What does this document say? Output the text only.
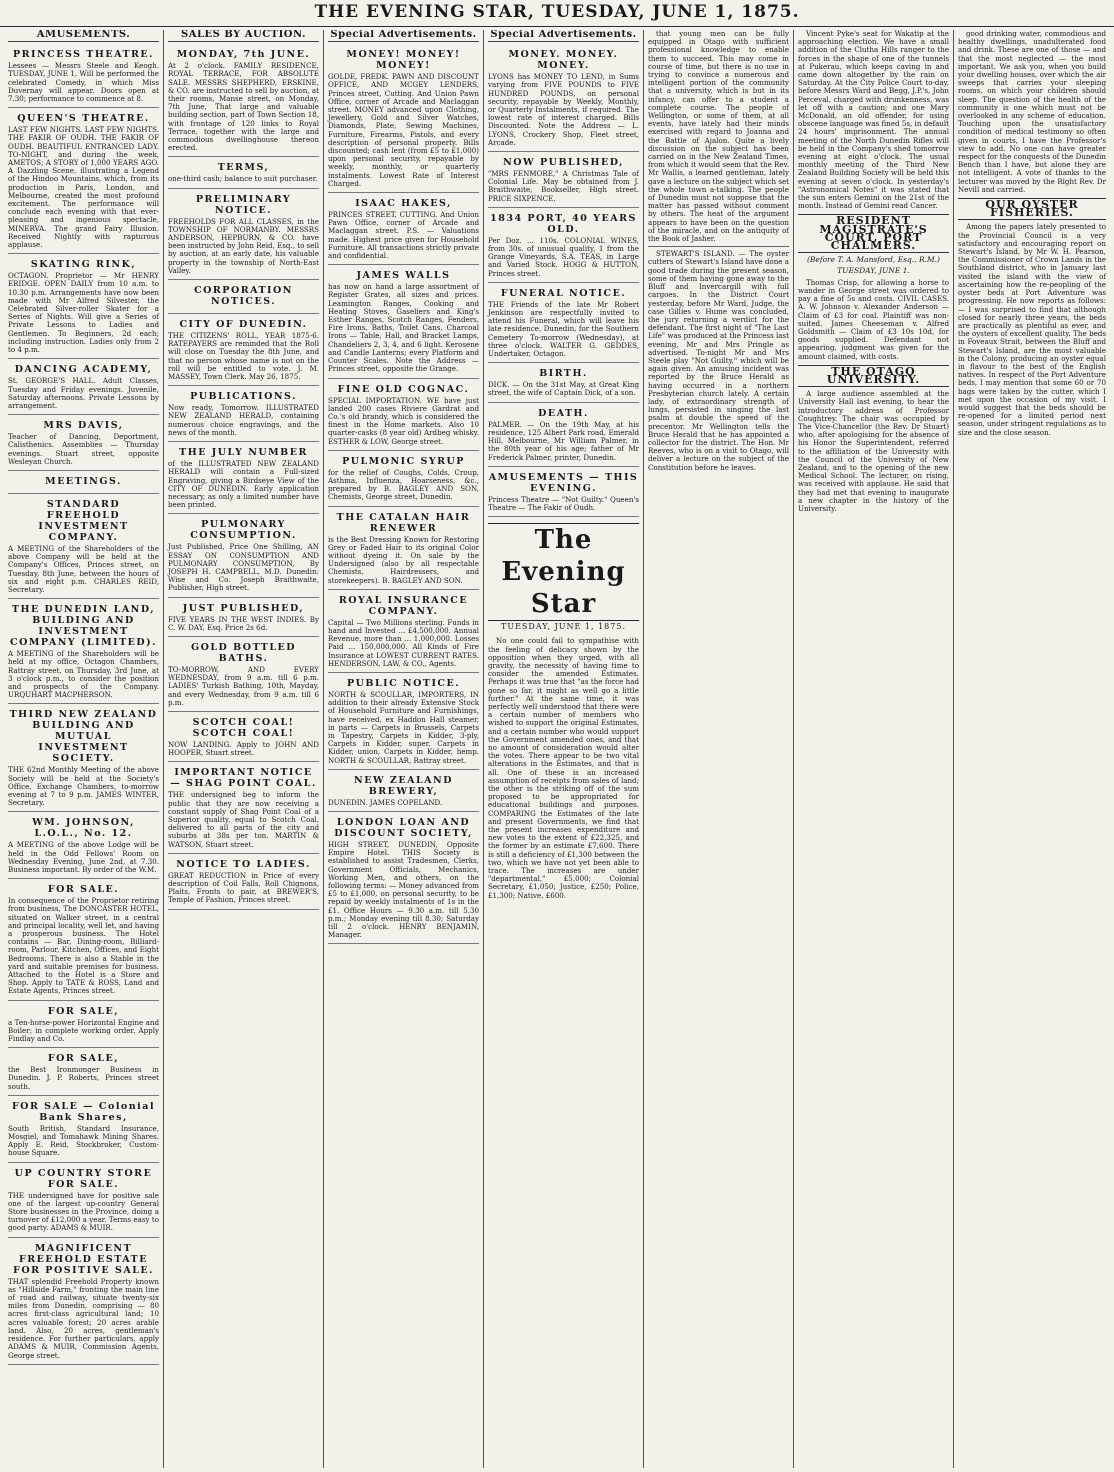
THE EVENING STAR, TUESDAY, JUNE 1, 1875.
AMUSEMENTS.
PRINCESS THEATRE.
Lessees — Messrs Steele and Keogh. TUESDAY, JUNE 1, Will be performed the celebrated Comedy, in which Miss Duvernay will appear. Doors open at 7.30; performance to commence at 8.
QUEEN'S THEATRE.
LAST FEW NIGHTS. LAST FEW NIGHTS. THE FAKIR OF OUDH. THE FAKIR OF OUDH. BEAUTIFUL ENTRANCED LADY. TO-NIGHT, and during the week, AMETOS; A STORY of 1,000 YEARS AGO. A Dazzling Scene, illustrating a Legend of the Hindoo Mountains, which, from its production in Paris, London, and Melbourne, created the most profound excitement. The performance will conclude each evening with that ever-pleasing and ingenious spectacle, MINERVA. The grand Fairy Illusion. Received Nightly with rapturous applause.
SKATING RINK,
OCTAGON. Proprietor — Mr HENRY ERIDGE. OPEN DAILY from 10 a.m. to 10.30 p.m. Arrangements have now been made with Mr Alfred Silvester, the Celebrated Silver-roller Skater for a Series of Nights. Will give a Series of Private Lessons to Ladies and Gentlemen. To Beginners, 2d each; including instruction. Ladies only from 2 to 4 p.m.
DANCING ACADEMY,
St. GEORGE'S HALL. Adult Classes, Tuesday and Friday evenings. Juvenile, Saturday afternoons. Private Lessons by arrangement.
MRS DAVIS,
Teacher of Dancing, Deportment, Calisthenics. Assemblies — Thursday evenings. Stuart street, opposite Wesleyan Church.
MEETINGS.
STANDARD FREEHOLD INVESTMENT COMPANY.
A MEETING of the Shareholders of the above Company will be held at the Company's Offices, Princes street, on Tuesday, 8th June, between the hours of six and eight p.m. CHARLES REID, Secretary.
THE DUNEDIN LAND, BUILDING AND INVESTMENT COMPANY (LIMITED).
A MEETING of the Shareholders will be held at my office, Octagon Chambers, Rattray street, on Thursday, 3rd June, at 3 o'clock p.m., to consider the position and prospects of the Company. URQUHART MACPHERSON.
THIRD NEW ZEALAND BUILDING AND MUTUAL INVESTMENT SOCIETY.
THE 62nd Monthly Meeting of the above Society will be held at the Society's Office, Exchange Chambers, to-morrow evening at 7 to 9 p.m. JAMES WINTER, Secretary.
WM. JOHNSON, L.O.L., No. 12.
A MEETING of the above Lodge will be held in the Odd Fellows' Room on Wednesday Evening, June 2nd, at 7.30. Business important. By order of the W.M.
FOR SALE.
In consequence of the Proprietor retiring from business, The DONCASTER HOTEL, situated on Walker street, in a central and principal locality, well let, and having a prosperous business. The Hotel contains — Bar, Dining-room, Billiard-room, Parlour, Kitchen, Offices, and Eight Bedrooms. There is also a Stable in the yard and suitable premises for business. Attached to the Hotel is a Store and Shop. Apply to TATE & ROSS, Land and Estate Agents, Princes street.
FOR SALE,
a Ten-horse-power Horizontal Engine and Boiler; in complete working order. Apply Findlay and Co.
FOR SALE,
the Best Ironmonger Business in Dunedin. J. P. Roberts, Princes street south.
FOR SALE — Colonial Bank Shares,
South British, Standard Insurance, Mosgiel, and Tomahawk Mining Shares. Apply E. Reid, Stockbroker, Custom-house Square.
UP COUNTRY STORE FOR SALE.
THE undersigned have for positive sale one of the largest up-country General Store businesses in the Province, doing a turnover of £12,000 a year. Terms easy to good party. ADAMS & MUIR.
MAGNIFICENT FREEHOLD ESTATE FOR POSITIVE SALE.
THAT splendid Freehold Property known as "Hillside Farm," fronting the main line of road and railway, situate twenty-six miles from Dunedin, comprising — 80 acres first-class agricultural land; 10 acres valuable forest; 20 acres arable land. Also, 20 acres, gentleman's residence. For further particulars, apply ADAMS & MUIR, Commission Agents, George street.
SALES BY AUCTION.
MONDAY, 7th JUNE.
At 2 o'clock. FAMILY RESIDENCE, ROYAL TERRACE, FOR ABSOLUTE SALE. MESSRS SHEPHERD, ERSKINE, & CO. are instructed to sell by auction, at their rooms, Manse street, on Monday, 7th June, That large and valuable building section, part of Town Section 18, with frontage of 120 links to Royal Terrace, together with the large and commodious dwellinghouse thereon erected.
TERMS,
one-third cash; balance to suit purchaser.
PRELIMINARY NOTICE.
FREEHOLDS FOR ALL CLASSES, in the TOWNSHIP OF NORMANBY. MESSRS ANDERSON, HEPBURN, & CO. have been instructed by John Reid, Esq., to sell by auction, at an early date, his valuable property in the township of North-East Valley.
CORPORATION NOTICES.
CITY OF DUNEDIN.
THE CITIZENS' ROLL, YEAR 1875-6. RATEPAYERS are reminded that the Roll will close on Tuesday the 8th June, and that no person whose name is not on the roll will be entitled to vote. J. M. MASSEY, Town Clerk. May 26, 1875.
PUBLICATIONS.
Now ready, Tomorrow. ILLUSTRATED NEW ZEALAND HERALD, containing numerous choice engravings, and the news of the month.
THE JULY NUMBER
of the ILLUSTRATED NEW ZEALAND HERALD will contain a Full-sized Engraving, giving a Birdseye View of the CITY OF DUNEDIN. Early application necessary, as only a limited number have been printed.
PULMONARY CONSUMPTION.
Just Published, Price One Shilling, AN ESSAY ON CONSUMPTION AND PULMONARY CONSUMPTION, By JOSEPH H. CAMPBELL, M.D. Dunedin: Wise and Co. Joseph Braithwaite, Publisher, High street.
JUST PUBLISHED,
FIVE YEARS IN THE WEST INDIES. By C. W. DAY, Esq. Price 2s 6d.
GOLD BOTTLED BATHS.
TO-MORROW, AND EVERY WEDNESDAY, from 9 a.m. till 6 p.m. LADIES' Turkish Bathing, 10th, Mayday, and every Wednesday, from 9 a.m. till 6 p.m.
SCOTCH COAL! SCOTCH COAL!
NOW LANDING. Apply to JOHN AND HOOPER, Stuart street.
IMPORTANT NOTICE — SHAG POINT COAL.
THE undersigned beg to inform the public that they are now receiving a constant supply of Shag Point Coal of a Superior quality, equal to Scotch Coal, delivered to all parts of the city and suburbs at 38s per ton. MARTIN & WATSON, Stuart street.
NOTICE TO LADIES.
GREAT REDUCTION in Price of every description of Coil Falls, Roll Chignons, Plaits, Fronts to pair, at BREWER'S, Temple of Fashion, Princes street.
Special Advertisements.
MONEY! MONEY! MONEY!
GOLDE, FREDK. PAWN AND DISCOUNT OFFICE, AND MCGEY LENDERS, Princes street, Cutting. And Union Pawn Office, corner of Arcade and Maclaggan street. MONEY advanced upon Clothing, Jewellery, Gold and Silver Watches, Diamonds, Plate, Sewing Machines, Furniture, Firearms, Pistols, and every description of personal property. Bills discounted; cash lent (from £5 to £1,000) upon personal security, repayable by weekly, monthly, or quarterly instalments. Lowest Rate of Interest Charged.
ISAAC HAKES,
PRINCES STREET, CUTTING. And Union Pawn Office, corner of Arcade and Maclaggan street. P.S. — Valuations made. Highest price given for Household Furniture. All transactions strictly private and confidential.
JAMES WALLS
has now on hand a large assortment of Register Grates, all sizes and prices. Leamington Ranges, Cooking and Heating Stoves, Gaseliers and King's Esther Ranges, Scotch Ranges, Fenders, Fire Irons, Baths, Toilet Cans, Charcoal Irons — Table, Hall, and Bracket Lamps, Chandeliers 2, 3, 4, and 6 light. Kerosene and Candle Lanterns; every Platform and Counter Scales. Note the Address — Princes street, opposite the Grange.
FINE OLD COGNAC.
SPECIAL IMPORTATION. WE have just landed 200 cases Riviere Gardrat and Co.'s old brandy, which is considered the finest in the Home markets. Also 10 quarter-casks (8 year old) Ardbeg whisky. ESTHER & LOW, George street.
PULMONIC SYRUP
for the relief of Coughs, Colds, Croup, Asthma, Influenza, Hoarseness, &c., prepared by B. BAGLEY AND SON, Chemists, George street, Dunedin.
THE CATALAN HAIR RENEWER
is the Best Dressing Known for Restoring Grey or Faded Hair to its original Color without dyeing it. On sale by the Undersigned (also by all respectable Chemists, Hairdressers, and storekeepers). B. BAGLEY AND SON.
ROYAL INSURANCE COMPANY.
Capital — Two Millions sterling. Funds in hand and Invested ... £4,500,000. Annual Revenue, more than ... 1,000,000. Losses Paid ... 150,000,000. All Kinds of Fire Insurance at LOWEST CURRENT RATES. HENDERSON, LAW, & CO., Agents.
PUBLIC NOTICE.
NORTH & SCOULLAR, IMPORTERS, IN addition to their already Extensive Stock of Household Furniture and Furnishings, have received, ex Haddon Hall steamer, in parts — Carpets in Brussels, Carpets in Tapestry, Carpets in Kidder, 3-ply, Carpets in Kidder, super, Carpets in Kidder, union, Carpets in Kidder, hemp. NORTH & SCOULLAR, Rattray street.
NEW ZEALAND BREWERY,
DUNEDIN. JAMES COPELAND.
LONDON LOAN AND DISCOUNT SOCIETY,
HIGH STREET, DUNEDIN, Opposite Empire Hotel. THIS Society is established to assist Tradesmen, Clerks, Government Officials, Mechanics, Working Men, and others, on the following terms: — Money advanced from £5 to £1,000, on personal security, to be repaid by weekly instalments of 1s in the £1. Office Hours — 9.30 a.m. till 5.30 p.m.; Monday evening till 8.30; Saturday till 2 o'clock. HENRY BENJAMIN, Manager.
Special Advertisements.
MONEY. MONEY. MONEY.
LYONS has MONEY TO LEND, in Sums varying from FIVE POUNDS to FIVE HUNDRED POUNDS, on personal security, repayable by Weekly, Monthly, or Quarterly Instalments, if required. The lowest rate of interest charged. Bills Discounted. Note the Address — L. LYONS, Crockery Shop, Fleet street, Arcade.
NOW PUBLISHED,
"MRS FENMORE," A Christmas Tale of Colonial Life. May be obtained from J. Braithwaite, Bookseller, High street. PRICE SIXPENCE.
1834 PORT, 40 YEARS OLD.
Per Doz. ... 110s. COLONIAL WINES, from 30s. of unusual quality, 1 from the Grange Vineyards, S.A. TEAS, in Large and Varied Stock. HOGG & HUTTON, Princes street.
FUNERAL NOTICE.
THE Friends of the late Mr Robert Jenkinson are respectfully invited to attend his Funeral, which will leave his late residence, Dunedin, for the Southern Cemetery To-morrow (Wednesday), at three o'clock. WALTER G. GEDDES, Undertaker, Octagon.
BIRTH.
DICK. — On the 31st May, at Great King street, the wife of Captain Dick, of a son.
DEATH.
PALMER. — On the 19th May, at his residence, 125 Albert Park road, Emerald Hill, Melbourne, Mr William Palmer, in the 80th year of his age; father of Mr Frederick Palmer, printer, Dunedin.
AMUSEMENTS — THIS EVENING.
Princess Theatre — "Not Guilty." Queen's Theatre — The Fakir of Oudh.
The Evening Star
TUESDAY, JUNE 1, 1875.
No one could fail to sympathise with the feeling of delicacy shown by the opposition when they urged, with all gravity, the necessity of having time to consider the amended Estimates. Perhaps it was true that "as the force had gone so far, it might as well go a little further." At the same time, it was perfectly well understood that there were a certain number of members who wished to support the original Estimates, and a certain number who would support the Government amended ones, and that no amount of consideration would alter the votes. There appear to be two vital alterations in the Estimates, and that is all. One of these is an increased assumption of receipts from sales of land; the other is the striking off of the sum proposed to be appropriated for educational buildings and purposes. COMPARING the Estimates of the late and present Governments, we find that the present increases expenditure and new votes to the extent of £22,325, and the former by an estimate £7,600. There is still a deficiency of £1,300 between the two, which we have not yet been able to trace. The increases are under "departmental," £5,000; Colonial Secretary, £1,050; Justice, £250; Police, £1,300; Native, £600.
that young men can be fully equipped in Otago with sufficient professional knowledge to enable them to succeed. This may come in course of time, but there is no use in trying to convince a numerous and intelligent portion of the community that a university, which is but in its infancy, can offer to a student a complete course. The people of Wellington, or some of them, at all events, have lately had their minds exercised with regard to Joanna and the Battle of Ajalon. Quite a lively discussion on the subject has been carried on in the New Zealand Times, from which it would seem that the Rev. Mr Wallis, a learned gentleman, lately gave a lecture on the subject which set the whole town a-talking. The people of Dunedin must not suppose that the matter has passed without comment by others. The heat of the argument appears to have been on the question of the miracle, and on the antiquity of the Book of Jasher.
STEWART'S ISLAND. — The oyster cutters of Stewart's Island have done a good trade during the present season, some of them having gone away to the Bluff and Invercargill with full cargoes. In the District Court yesterday, before Mr Ward, Judge, the case Gillies v. Hume was concluded, the jury returning a verdict for the defendant. The first night of "The Last Life" was produced at the Princess last evening, Mr and Mrs Pringle as advertised. To-night Mr and Mrs Steele play "Not Guilty," which will be again given. An amusing incident was reported by the Bruce Herald as having occurred in a northern Presbyterian church lately. A certain lady, of extraordinary strength of lungs, persisted in singing the last psalm at double the speed of the precentor. Mr Wellington tells the Bruce Herald that he has appointed a collector for the district. The Hon. Mr Reeves, who is on a visit to Otago, will deliver a lecture on the subject of the Constitution before he leaves.
Vincent Pyke's seat for Wakatip at the approaching election. We have a small addition of the Clutha Hills ranger to the forces in the shape of one of the tunnels at Pukerau, which keeps caving in and came down altogether by the rain on Saturday. At the City Police Court to-day, before Messrs Ward and Begg, J.P.'s, John Perceval, charged with drunkenness, was let off with a caution; and one Mary McDonald, an old offender, for using obscene language was fined 5s, in default 24 hours' imprisonment. The annual meeting of the North Dunedin Rifles will be held in the Company's shed tomorrow evening at eight o'clock. The usual monthly meeting of the Third New Zealand Building Society will be held this evening at seven o'clock. In yesterday's "Astronomical Notes" it was stated that the sun enters Gemini on the 21st of the month. Instead of Gemini read Cancer.
RESIDENT MAGISTRATE'S COURT, PORT CHALMERS.
(Before T. A. Mansford, Esq., R.M.)
TUESDAY, JUNE 1.
Thomas Crisp, for allowing a horse to wander in George street was ordered to pay a fine of 5s and costs. CIVIL CASES. A. W. Johnson v. Alexander Anderson — Claim of £3 for coal. Plaintiff was non-suited. James Cheeseman v. Alfred Goldsmith — Claim of £3 10s 10d, for goods supplied. Defendant not appearing, judgment was given for the amount claimed, with costs.
THE OTAGO UNIVERSITY.
A large audience assembled at the University Hall last evening, to hear the introductory address of Professor Coughtrey. The chair was occupied by The Vice-Chancellor (the Rev. Dr Stuart) who, after apologising for the absence of his Honor the Superintendent, referred to the affiliation of the University with the Council of the University of New Zealand, and to the opening of the new Medical School. The lecturer, on rising, was received with applause. He said that they had met that evening to inaugurate a new chapter in the history of the University.
good drinking water, commodious and healthy dwellings, unadulterated food and drink. These are one of those — and that the most neglected — the most important. We ask you, when you build your dwelling houses, over which the air sweeps that carries your sleeping rooms, on which your children should sleep. The question of the health of the community is one which must not be overlooked in any scheme of education. Touching upon the unsatisfactory condition of medical testimony so often given in courts, I have the Professor's view to add. No one can have greater respect for the conquests of the Dunedin Bench than I have, but alone they are not intelligent. A vote of thanks to the lecturer was moved by the Right Rev. Dr Nevill and carried.
OUR OYSTER FISHERIES.
Among the papers lately presented to the Provincial Council is a very satisfactory and encouraging report on Stewart's Island, by Mr W. H. Pearson, the Commissioner of Crown Lands in the Southland district, who in January last visited the island with the view of ascertaining how the re-peopling of the oyster beds at Port Adventure was progressing. He now reports as follows: — I was surprised to find that although closed for nearly three years, the beds are practically as plentiful as ever, and the oysters of excellent quality. The beds in Foveaux Strait, between the Bluff and Stewart's Island, are the most valuable in the Colony, producing an oyster equal in flavour to the best of the English natives. In respect of the Port Adventure beds, I may mention that some 60 or 70 bags were taken by the cutter, which I met upon the occasion of my visit. I would suggest that the beds should be re-opened for a limited period next season, under stringent regulations as to size and the close season.
